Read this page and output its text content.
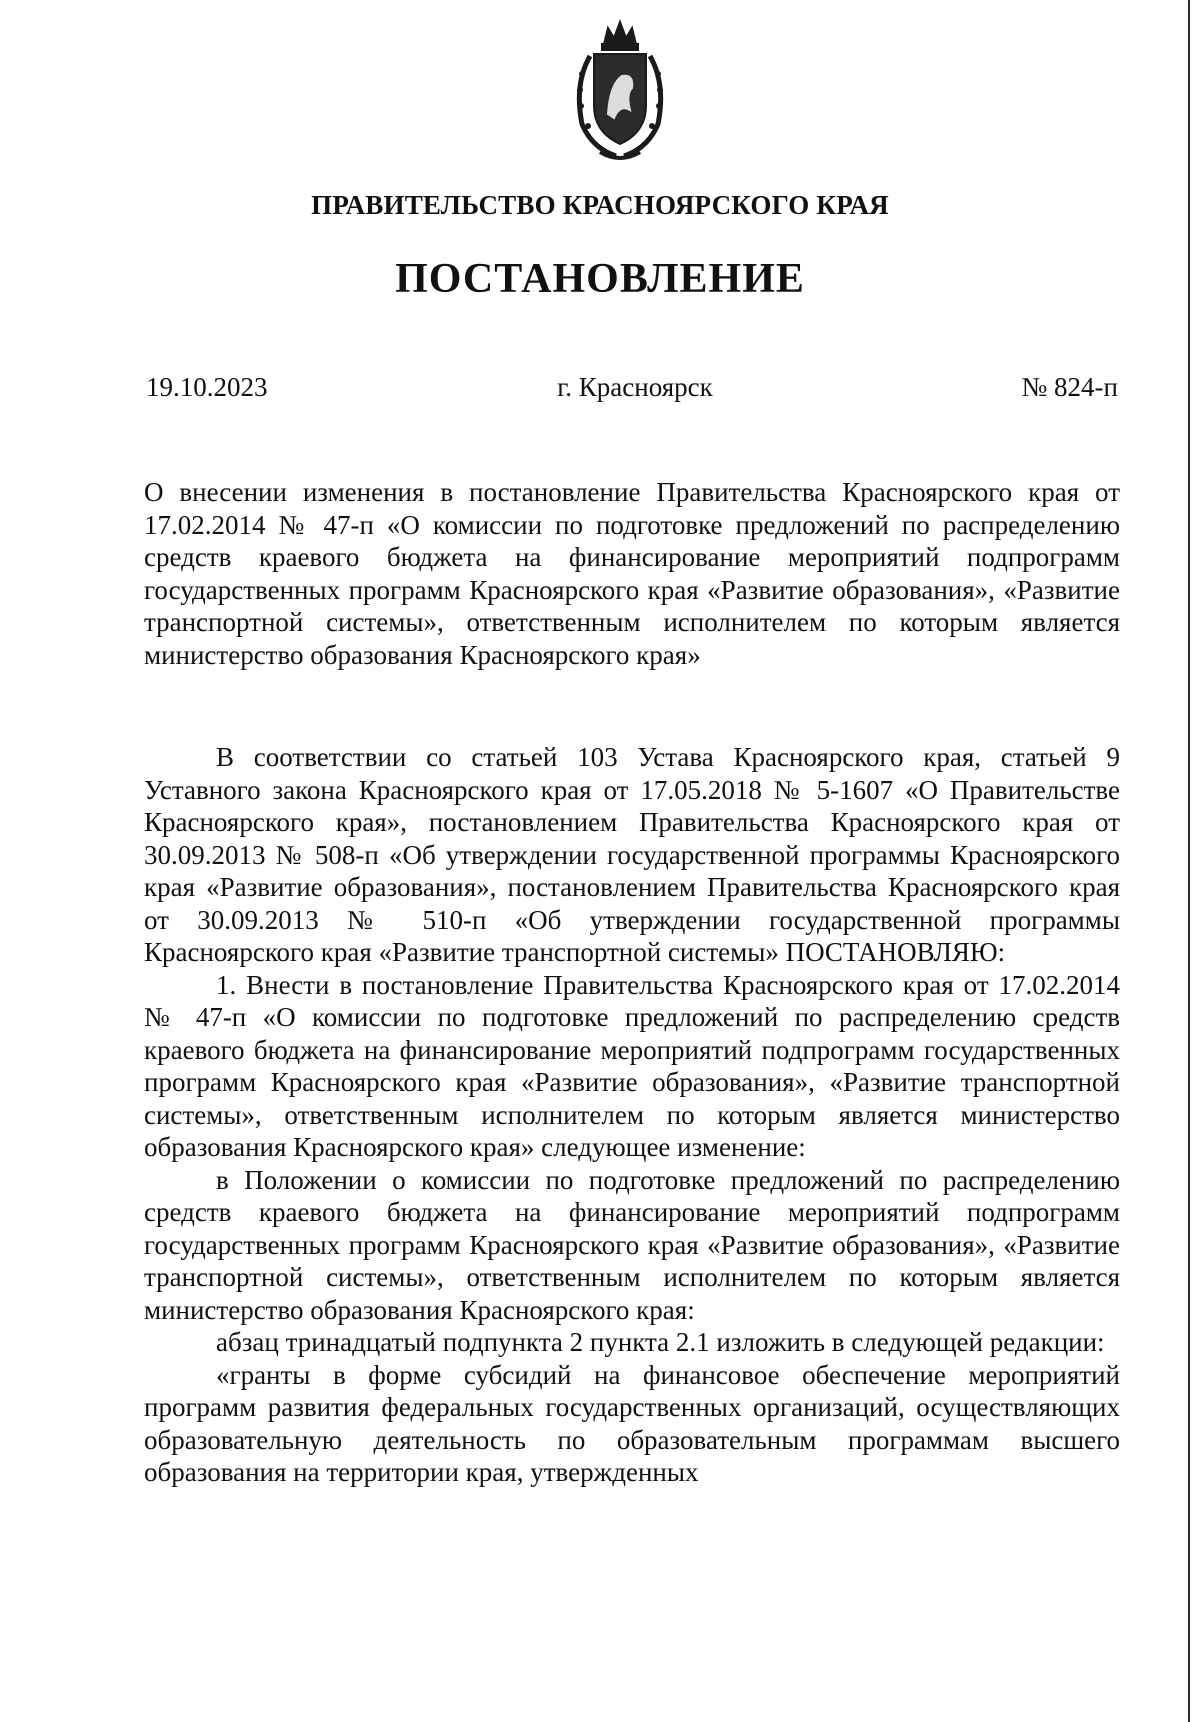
ПРАВИТЕЛЬСТВО КРАСНОЯРСКОГО КРАЯ
ПОСТАНОВЛЕНИЕ
19.10.2023	г. Красноярск	№ 824-п

О внесении изменения в постановление Правительства Красноярского края от 17.02.2014 № 47-п «О комиссии по подготовке предложений по распределению средств краевого бюджета на финансирование мероприятий подпрограмм государственных программ Красноярского края «Развитие образования», «Развитие транспортной системы», ответственным исполнителем по которым является министерство образования Красноярского края»

В соответствии со статьей 103 Устава Красноярского края, статьей 9 Уставного закона Красноярского края от 17.05.2018 № 5-1607 «О Правительстве Красноярского края», постановлением Правительства Красноярского края от 30.09.2013 № 508-п «Об утверждении государственной программы Красноярского края «Развитие образования», постановлением Правительства Красноярского края от 30.09.2013 № 510-п «Об утверждении государственной программы Красноярского края «Развитие транспортной системы» ПОСТАНОВЛЯЮ:

1. Внести в постановление Правительства Красноярского края от 17.02.2014 № 47-п «О комиссии по подготовке предложений по распределению средств краевого бюджета на финансирование мероприятий подпрограмм государственных программ Красноярского края «Развитие образования», «Развитие транспортной системы», ответственным исполнителем по которым является министерство образования Красноярского края» следующее изменение:

в Положении о комиссии по подготовке предложений по распределению средств краевого бюджета на финансирование мероприятий подпрограмм государственных программ Красноярского края «Развитие образования», «Развитие транспортной системы», ответственным исполнителем по которым является министерство образования Красноярского края:

абзац тринадцатый подпункта 2 пункта 2.1 изложить в следующей редакции:

«гранты в форме субсидий на финансовое обеспечение мероприятий программ развития федеральных государственных организаций, осуществляющих образовательную деятельность по образовательным программам высшего образования на территории края, утвержденных
